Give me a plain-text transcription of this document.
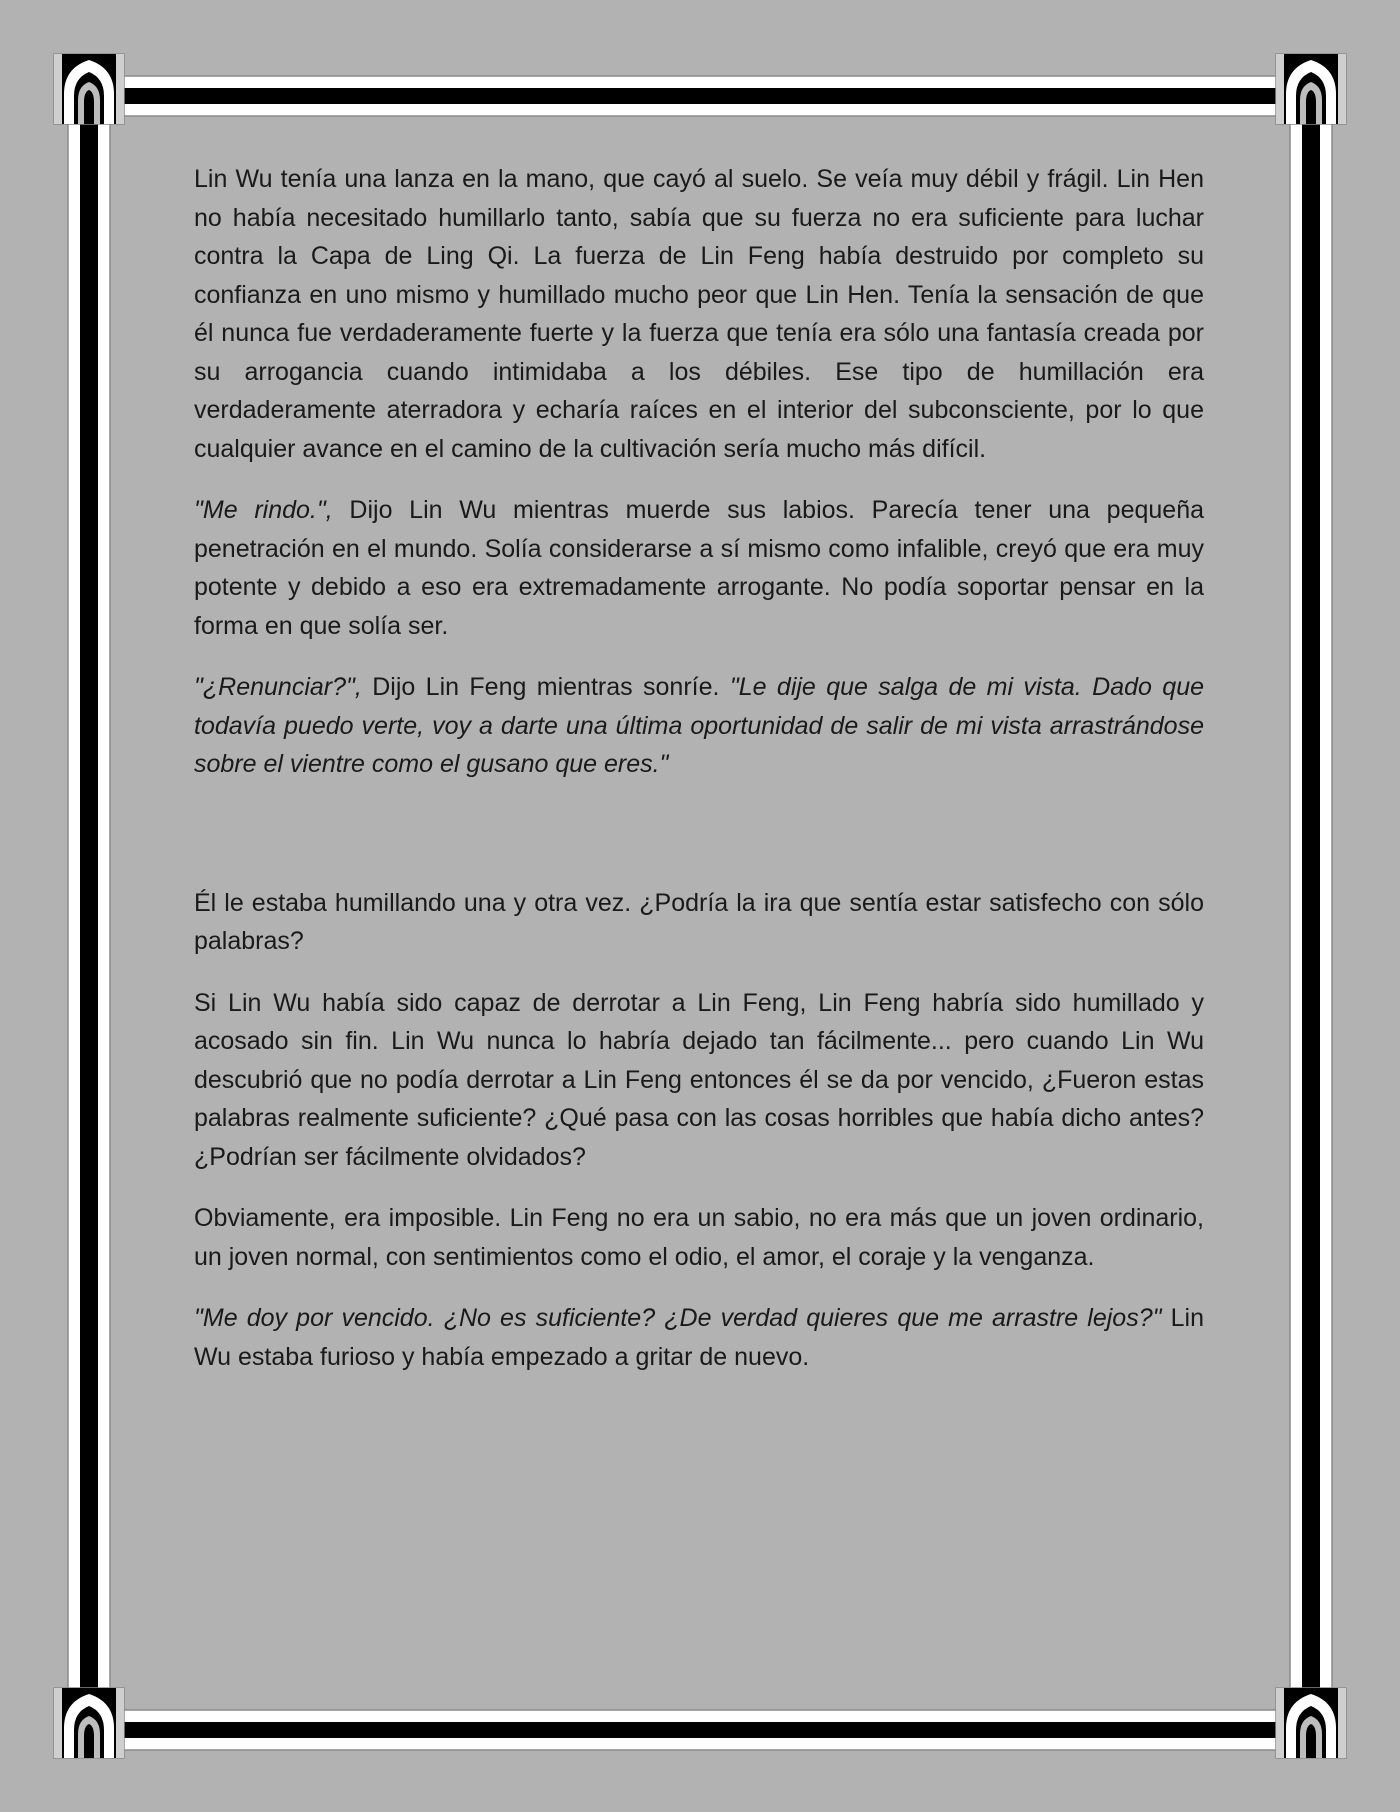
Lin Wu tenía una lanza en la mano, que cayó al suelo. Se veía muy débil y frágil. Lin Hen no había necesitado humillarlo tanto, sabía que su fuerza no era suficiente para luchar contra la Capa de Ling Qi. La fuerza de Lin Feng había destruido por completo su confianza en uno mismo y humillado mucho peor que Lin Hen. Tenía la sensación de que él nunca fue verdaderamente fuerte y la fuerza que tenía era sólo una fantasía creada por su arrogancia cuando intimidaba a los débiles. Ese tipo de humillación era verdaderamente aterradora y echaría raíces en el interior del subconsciente, por lo que cualquier avance en el camino de la cultivación sería mucho más difícil.

"Me rindo.", Dijo Lin Wu mientras muerde sus labios. Parecía tener una pequeña penetración en el mundo. Solía considerarse a sí mismo como infalible, creyó que era muy potente y debido a eso era extremadamente arrogante. No podía soportar pensar en la forma en que solía ser.

"¿Renunciar?", Dijo Lin Feng mientras sonríe. "Le dije que salga de mi vista. Dado que todavía puedo verte, voy a darte una última oportunidad de salir de mi vista arrastrándose sobre el vientre como el gusano que eres."

Él le estaba humillando una y otra vez. ¿Podría la ira que sentía estar satisfecho con sólo palabras?

Si Lin Wu había sido capaz de derrotar a Lin Feng, Lin Feng habría sido humillado y acosado sin fin. Lin Wu nunca lo habría dejado tan fácilmente... pero cuando Lin Wu descubrió que no podía derrotar a Lin Feng entonces él se da por vencido, ¿Fueron estas palabras realmente suficiente? ¿Qué pasa con las cosas horribles que había dicho antes? ¿Podrían ser fácilmente olvidados?

Obviamente, era imposible. Lin Feng no era un sabio, no era más que un joven ordinario, un joven normal, con sentimientos como el odio, el amor, el coraje y la venganza.

"Me doy por vencido. ¿No es suficiente? ¿De verdad quieres que me arrastre lejos?" Lin Wu estaba furioso y había empezado a gritar de nuevo.
